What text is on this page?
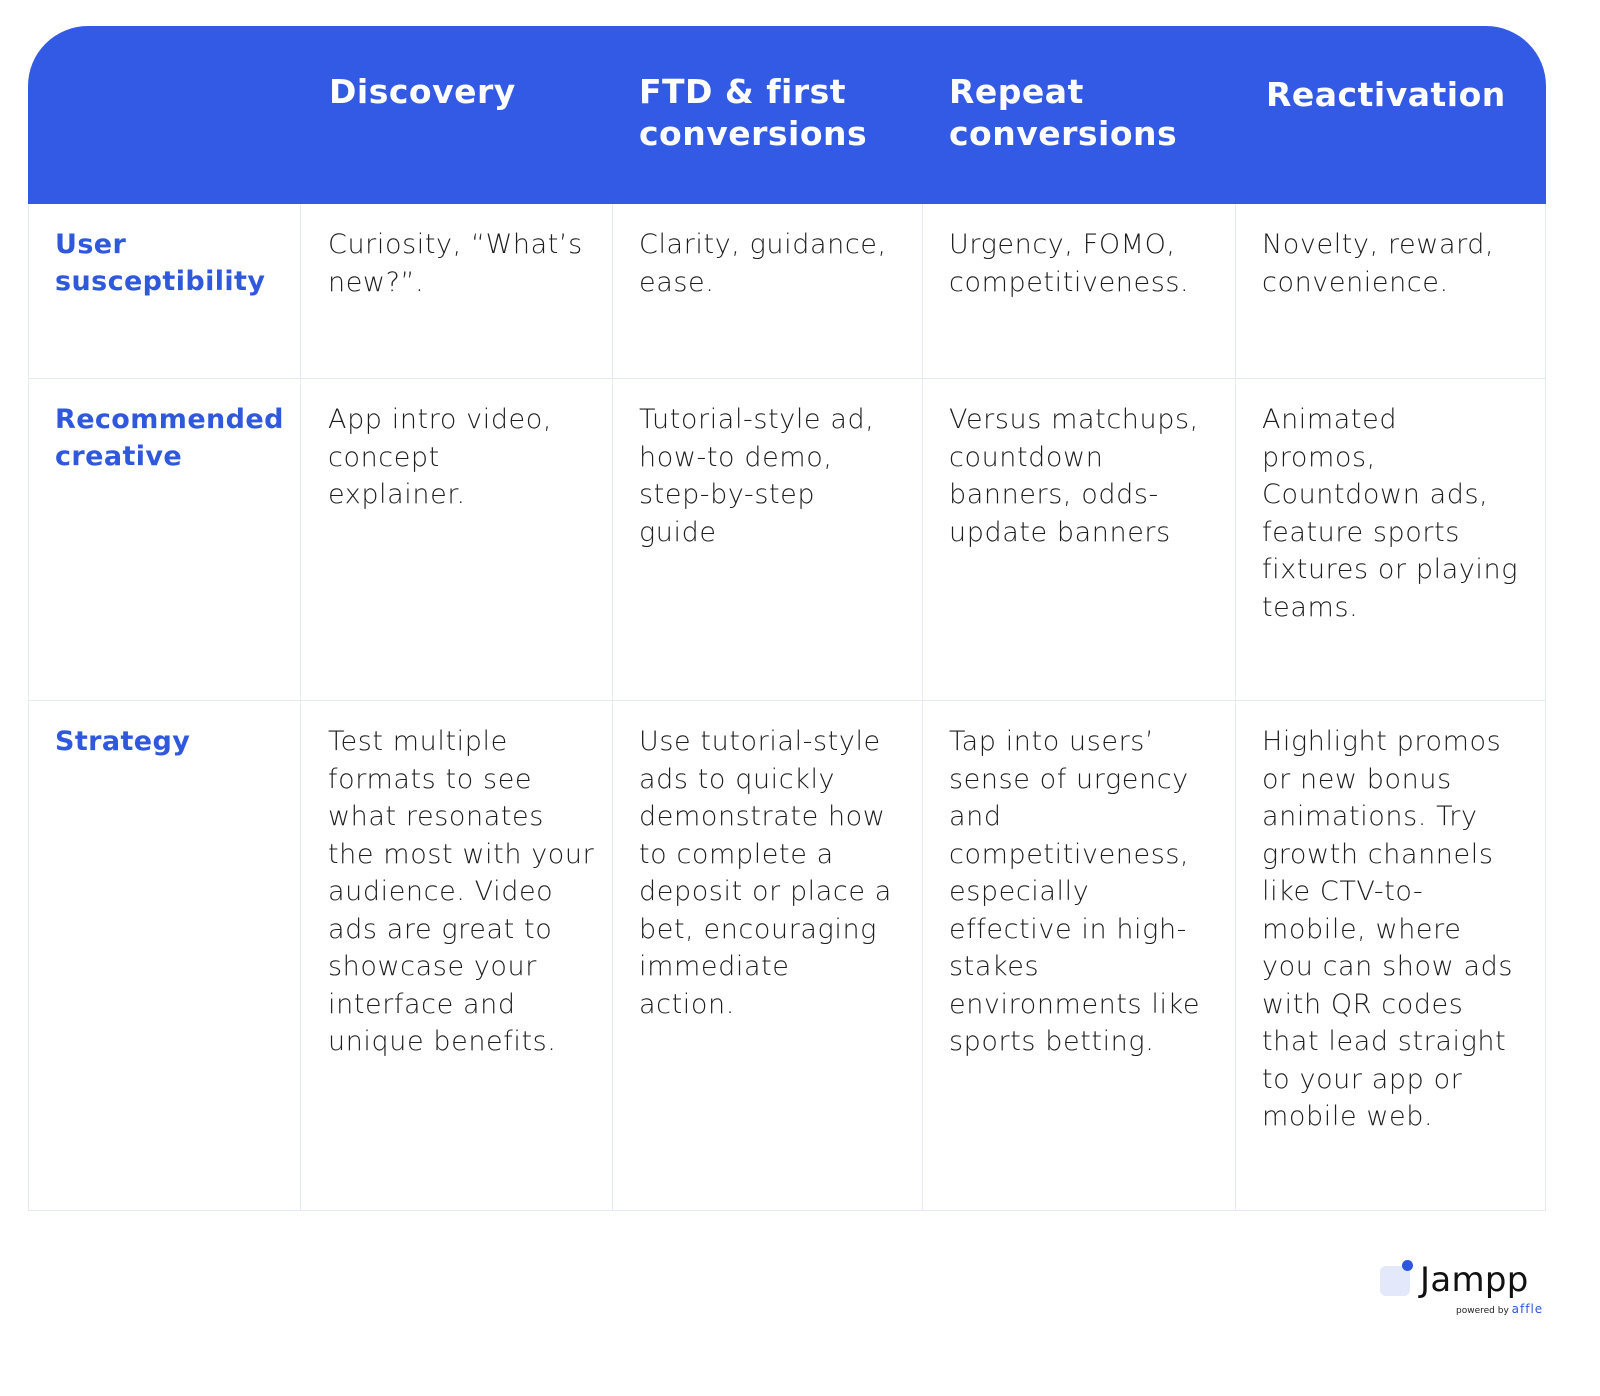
Discovery	FTD & first
conversions
Repeat
conversions
Reactivation
User
susceptibility
Curiosity, “What’s
new?”.
Clarity, guidance,
ease.
Urgency, FOMO,
competitiveness.
Novelty, reward,
convenience.
Recommended
creative
App intro video,
concept
explainer.
Tutorial-style ad,
how-to demo,
step-by-step
guide
Versus matchups,
countdown
banners, odds-
update banners
Animated
promos,
Countdown ads,
feature sports
fixtures or playing
teams.
Strategy	Test multiple
formats to see
what resonates
the most with your
audience. Video
ads are great to
showcase your
interface and
unique benefits.
Use tutorial-style
ads to quickly
demonstrate how
to complete a
deposit or place a
bet, encouraging
immediate
action.
Tap into users’
sense of urgency
and
competitiveness,
especially
effective in high-
stakes
environments like
sports betting.
Highlight promos
or new bonus
animations. Try
growth channels
like CTV-to-
mobile, where
you can show ads
with QR codes
that lead straight
to your app or
mobile web.
Jampp
powered by affle
